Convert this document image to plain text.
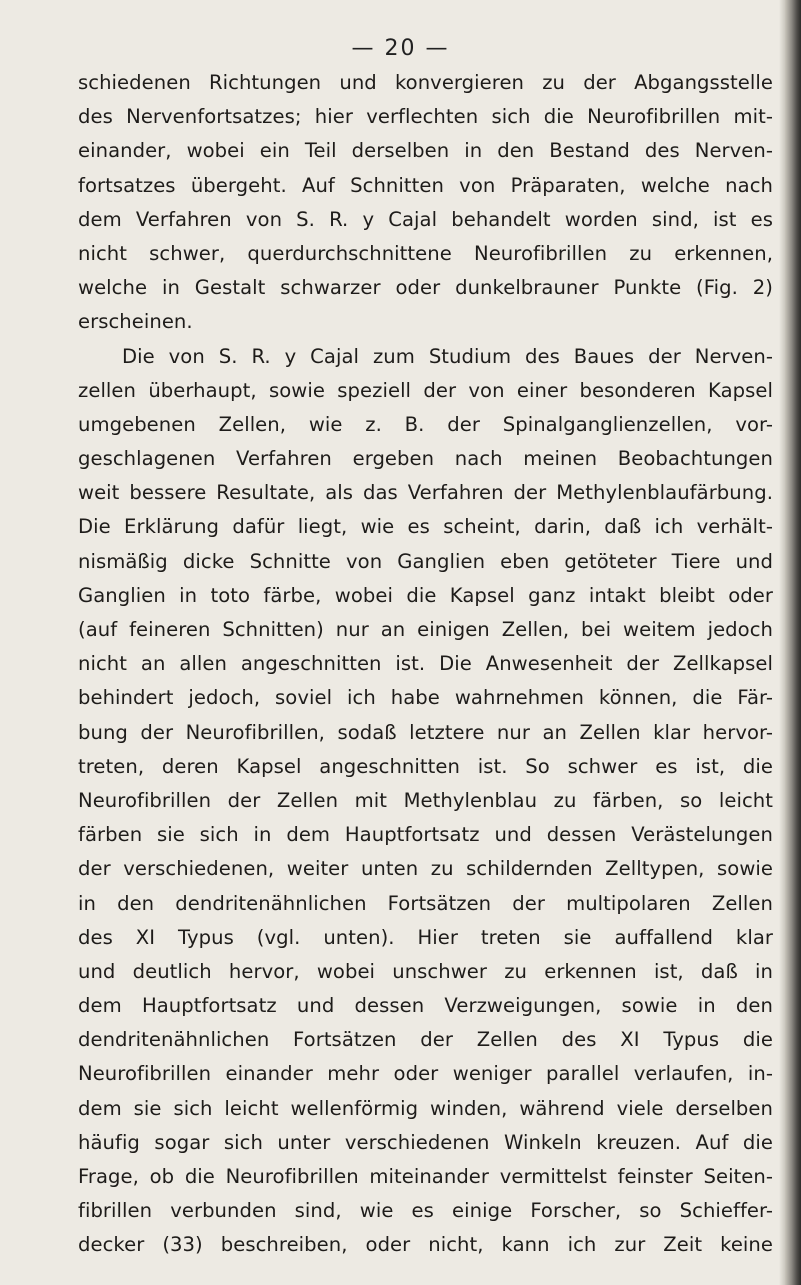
— 20 —
schiedenen Richtungen und konvergieren zu der Abgangsstelle
des Nervenfortsatzes; hier verflechten sich die Neurofibrillen mit-
einander, wobei ein Teil derselben in den Bestand des Nerven-
fortsatzes übergeht. Auf Schnitten von Präparaten, welche nach
dem Verfahren von S. R. y Cajal behandelt worden sind, ist es
nicht schwer, querdurchschnittene Neurofibrillen zu erkennen,
welche in Gestalt schwarzer oder dunkelbrauner Punkte (Fig. 2)
erscheinen.
Die von S. R. y Cajal zum Studium des Baues der Nerven-
zellen überhaupt, sowie speziell der von einer besonderen Kapsel
umgebenen Zellen, wie z. B. der Spinalganglienzellen, vor-
geschlagenen Verfahren ergeben nach meinen Beobachtungen
weit bessere Resultate, als das Verfahren der Methylenblaufärbung.
Die Erklärung dafür liegt, wie es scheint, darin, daß ich verhält-
nismäßig dicke Schnitte von Ganglien eben getöteter Tiere und
Ganglien in toto färbe, wobei die Kapsel ganz intakt bleibt oder
(auf feineren Schnitten) nur an einigen Zellen, bei weitem jedoch
nicht an allen angeschnitten ist. Die Anwesenheit der Zellkapsel
behindert jedoch, soviel ich habe wahrnehmen können, die Fär-
bung der Neurofibrillen, sodaß letztere nur an Zellen klar hervor-
treten, deren Kapsel angeschnitten ist. So schwer es ist, die
Neurofibrillen der Zellen mit Methylenblau zu färben, so leicht
färben sie sich in dem Hauptfortsatz und dessen Verästelungen
der verschiedenen, weiter unten zu schildernden Zelltypen, sowie
in den dendritenähnlichen Fortsätzen der multipolaren Zellen
des XI Typus (vgl. unten). Hier treten sie auffallend klar
und deutlich hervor, wobei unschwer zu erkennen ist, daß in
dem Hauptfortsatz und dessen Verzweigungen, sowie in den
dendritenähnlichen Fortsätzen der Zellen des XI Typus die
Neurofibrillen einander mehr oder weniger parallel verlaufen, in-
dem sie sich leicht wellenförmig winden, während viele derselben
häufig sogar sich unter verschiedenen Winkeln kreuzen. Auf die
Frage, ob die Neurofibrillen miteinander vermittelst feinster Seiten-
fibrillen verbunden sind, wie es einige Forscher, so Schieffer-
decker (33) beschreiben, oder nicht, kann ich zur Zeit keine
